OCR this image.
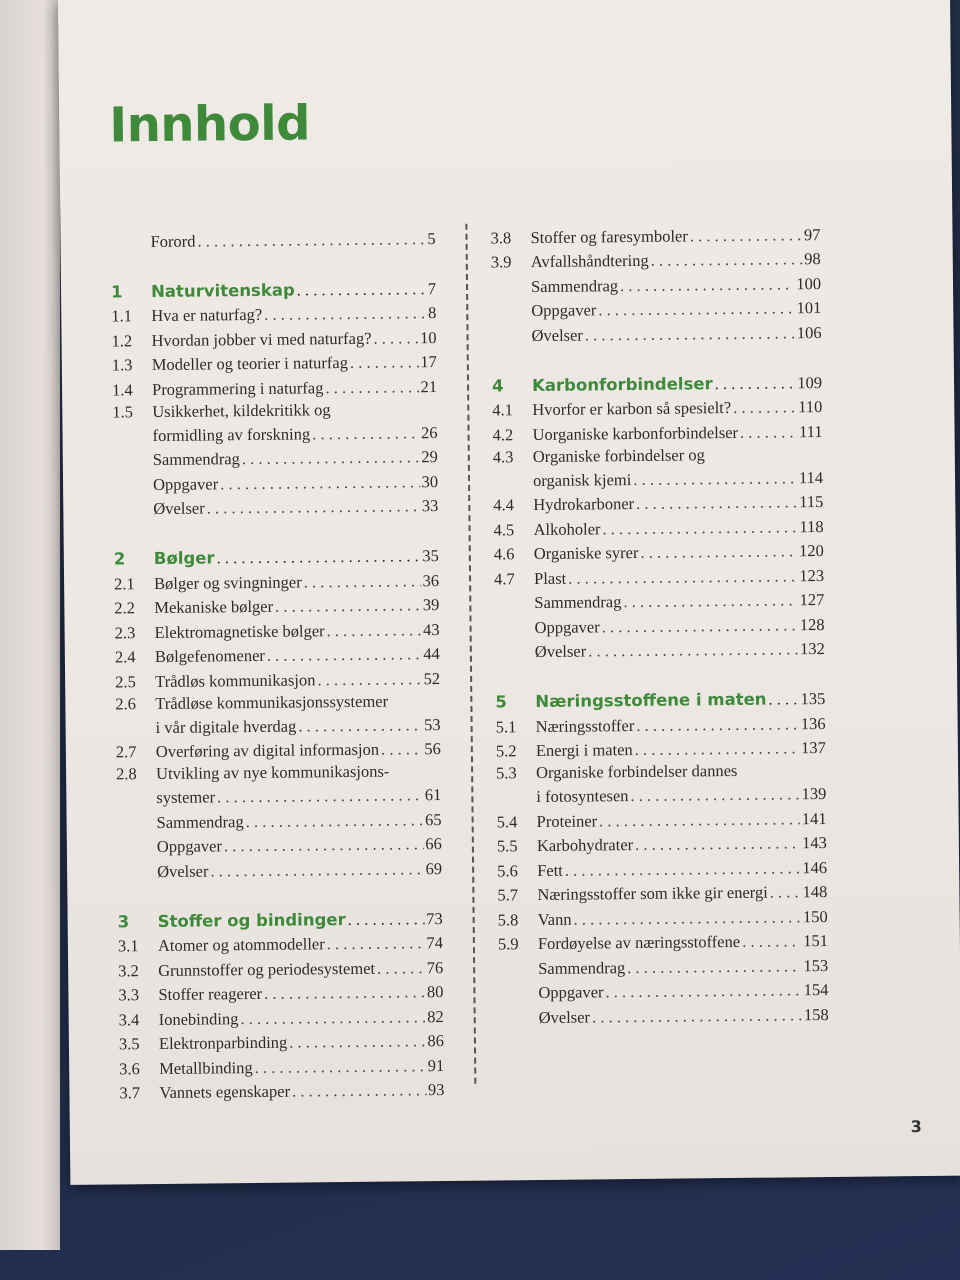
Innhold
Forord . . .	5
1	Naturvitenskap . . .	7
1.1	Hva er naturfag? . . .	8
1.2	Hvordan jobber vi med naturfag? . . .	10
1.3	Modeller og teorier i naturfag . . .	17
1.4	Programmering i naturfag . . .	21
1.5	Usikkerhet, kildekritikk og
formidling av forskning . . .	26
Sammendrag . . .	29
Oppgaver . . .	30
Øvelser . . .	33
2	Bølger . . .	35
2.1	Bølger og svingninger . . .	36
2.2	Mekaniske bølger . . .	39
2.3	Elektromagnetiske bølger . . .	43
2.4	Bølgefenomener . . .	44
2.5	Trådløs kommunikasjon . . .	52
2.6	Trådløse kommunikasjonssystemer
i vår digitale hverdag . . .	53
2.7	Overføring av digital informasjon . . .	56
2.8	Utvikling av nye kommunikasjons-
systemer . . .	61
Sammendrag . . .	65
Oppgaver . . .	66
Øvelser . . .	69
3	Stoffer og bindinger . . .	73
3.1	Atomer og atommodeller . . .	74
3.2	Grunnstoffer og periodesystemet . . .	76
3.3	Stoffer reagerer . . .	80
3.4	Ionebinding . . .	82
3.5	Elektronparbinding . . .	86
3.6	Metallbinding . . .	91
3.7	Vannets egenskaper . . .	93
3.8	Stoffer og faresymboler . . .	97
3.9	Avfallshåndtering . . .	98
Sammendrag . . .	100
Oppgaver . . .	101
Øvelser . . .	106
4	Karbonforbindelser . . .	109
4.1	Hvorfor er karbon så spesielt? . . .	110
4.2	Uorganiske karbonforbindelser . . .	111
4.3	Organiske forbindelser og
organisk kjemi . . .	114
4.4	Hydrokarboner . . .	115
4.5	Alkoholer . . .	118
4.6	Organiske syrer . . .	120
4.7	Plast . . .	123
Sammendrag . . .	127
Oppgaver . . .	128
Øvelser . . .	132
5	Næringsstoffene i maten . . . 135
5.1	Næringsstoffer . . .	136
5.2	Energi i maten . . .	137
5.3	Organiske forbindelser dannes
i fotosyntesen . . .	139
5.4	Proteiner . . .	141
5.5	Karbohydrater . . .	143
5.6	Fett . . .	146
5.7	Næringsstoffer som ikke gir energi . . . 148
5.8	Vann . . .	150
5.9	Fordøyelse av næringsstoffene . . .	151
Sammendrag . . .	153
Oppgaver . . .	154
Øvelser . . .	158
3
